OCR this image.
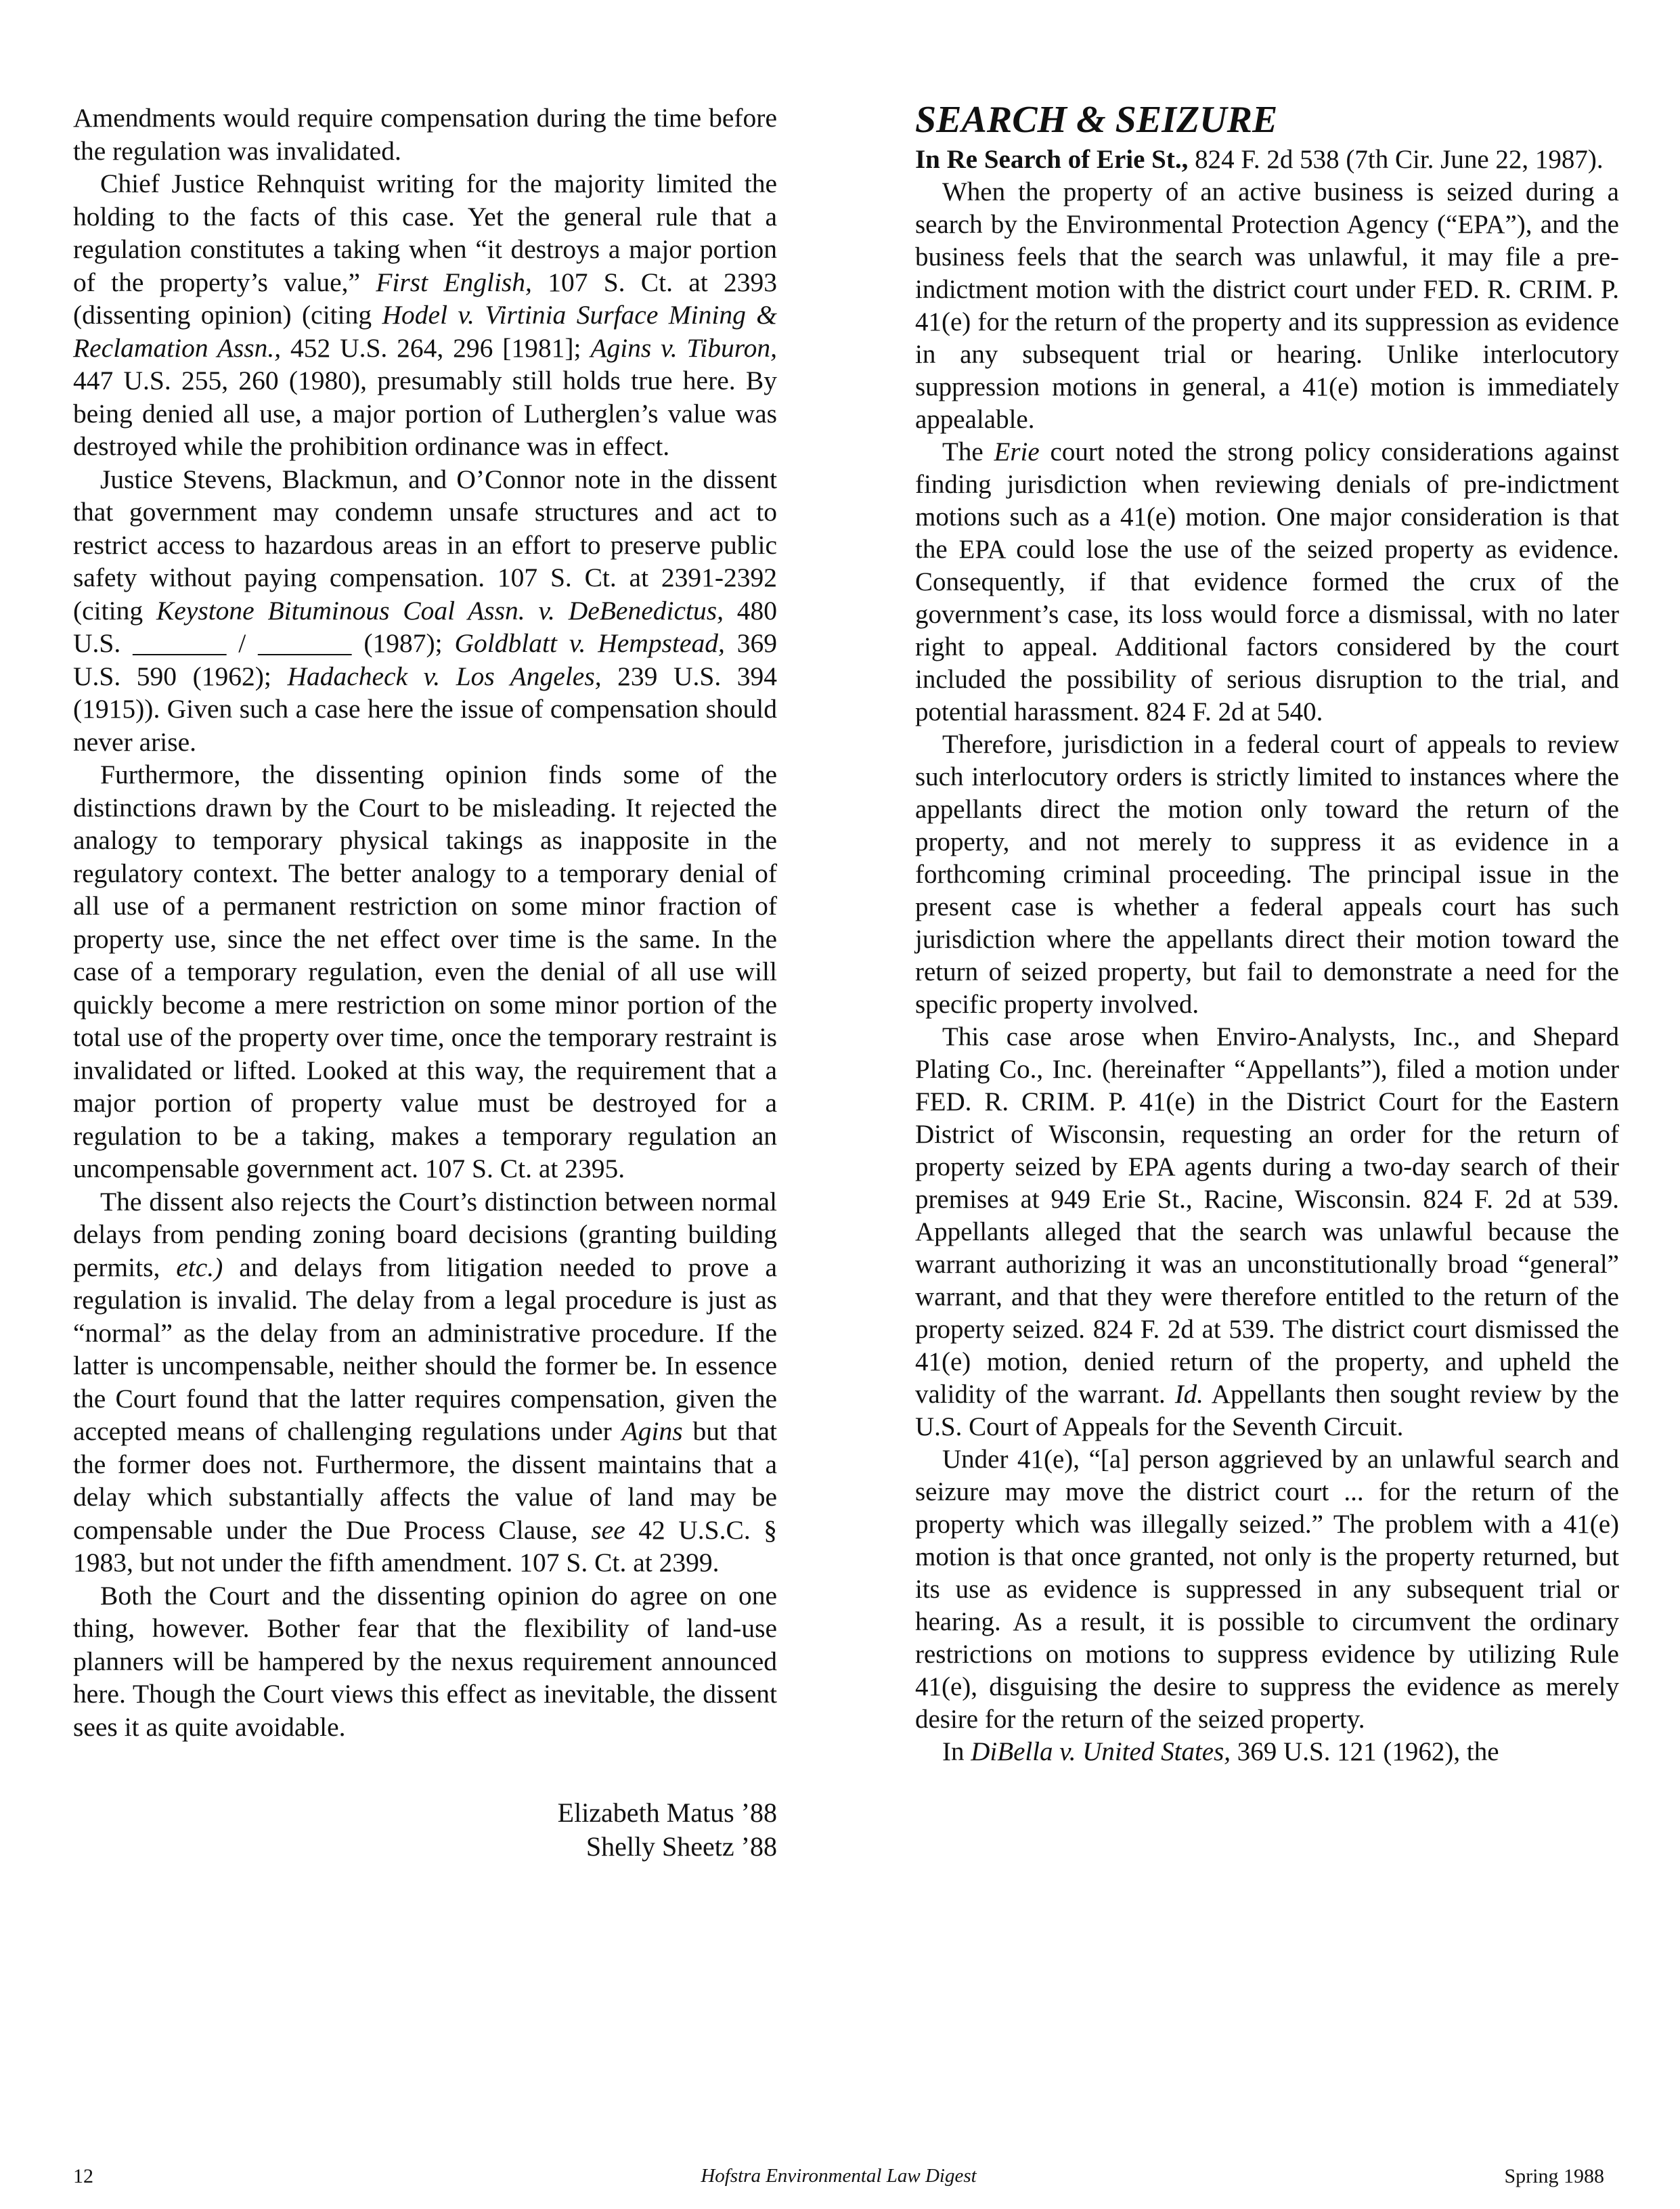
Amendments would require compensation during the time before the regulation was invalidated.

Chief Justice Rehnquist writing for the majority limited the holding to the facts of this case. Yet the general rule that a regulation constitutes a taking when “it destroys a major portion of the property’s value,” First English, 107 S. Ct. at 2393 (dissenting opinion) (citing Hodel v. Virtinia Surface Mining & Reclamation Assn., 452 U.S. 264, 296 [1981]; Agins v. Tiburon, 447 U.S. 255, 260 (1980), presumably still holds true here. By being denied all use, a major portion of Lutherglen’s value was destroyed while the prohibition ordinance was in effect.

Justice Stevens, Blackmun, and O’Connor note in the dissent that government may condemn unsafe structures and act to restrict access to hazardous areas in an effort to preserve public safety without paying compensation. 107 S. Ct. at 2391-2392 (citing Keystone Bituminous Coal Assn. v. DeBenedictus, 480 U.S. _______ / _______ (1987); Goldblatt v. Hempstead, 369 U.S. 590 (1962); Hadacheck v. Los Angeles, 239 U.S. 394 (1915)). Given such a case here the issue of compensation should never arise.

Furthermore, the dissenting opinion finds some of the distinctions drawn by the Court to be misleading. It rejected the analogy to temporary physical takings as inapposite in the regulatory context. The better analogy to a temporary denial of all use of a permanent restriction on some minor fraction of property use, since the net effect over time is the same. In the case of a temporary regulation, even the denial of all use will quickly become a mere restriction on some minor portion of the total use of the property over time, once the temporary restraint is invalidated or lifted. Looked at this way, the requirement that a major portion of property value must be destroyed for a regulation to be a taking, makes a temporary regulation an uncompensable government act. 107 S. Ct. at 2395.

The dissent also rejects the Court’s distinction between normal delays from pending zoning board decisions (granting building permits, etc.) and delays from litigation needed to prove a regulation is invalid. The delay from a legal procedure is just as “normal” as the delay from an administrative procedure. If the latter is uncompensable, neither should the former be. In essence the Court found that the latter requires compensation, given the accepted means of challenging regulations under Agins but that the former does not. Furthermore, the dissent maintains that a delay which substantially affects the value of land may be compensable under the Due Process Clause, see 42 U.S.C. § 1983, but not under the fifth amendment. 107 S. Ct. at 2399.

Both the Court and the dissenting opinion do agree on one thing, however. Bother fear that the flexibility of land-use planners will be hampered by the nexus requirement announced here. Though the Court views this effect as inevitable, the dissent sees it as quite avoidable.

Elizabeth Matus ’88
Shelly Sheetz ’88
SEARCH & SEIZURE

In Re Search of Erie St., 824 F. 2d 538 (7th Cir. June 22, 1987).

When the property of an active business is seized during a search by the Environmental Protection Agency (“EPA”), and the business feels that the search was unlawful, it may file a pre-indictment motion with the district court under FED. R. CRIM. P. 41(e) for the return of the property and its suppression as evidence in any subsequent trial or hearing. Unlike interlocutory suppression motions in general, a 41(e) motion is immediately appealable.

The Erie court noted the strong policy considerations against finding jurisdiction when reviewing denials of pre-indictment motions such as a 41(e) motion. One major consideration is that the EPA could lose the use of the seized property as evidence. Consequently, if that evidence formed the crux of the government’s case, its loss would force a dismissal, with no later right to appeal. Additional factors considered by the court included the possibility of serious disruption to the trial, and potential harassment. 824 F. 2d at 540.

Therefore, jurisdiction in a federal court of appeals to review such interlocutory orders is strictly limited to instances where the appellants direct the motion only toward the return of the property, and not merely to suppress it as evidence in a forthcoming criminal proceeding. The principal issue in the present case is whether a federal appeals court has such jurisdiction where the appellants direct their motion toward the return of seized property, but fail to demonstrate a need for the specific property involved.

This case arose when Enviro-Analysts, Inc., and Shepard Plating Co., Inc. (hereinafter “Appellants”), filed a motion under FED. R. CRIM. P. 41(e) in the District Court for the Eastern District of Wisconsin, requesting an order for the return of property seized by EPA agents during a two-day search of their premises at 949 Erie St., Racine, Wisconsin. 824 F. 2d at 539. Appellants alleged that the search was unlawful because the warrant authorizing it was an unconstitutionally broad “general” warrant, and that they were therefore entitled to the return of the property seized. 824 F. 2d at 539. The district court dismissed the 41(e) motion, denied return of the property, and upheld the validity of the warrant. Id. Appellants then sought review by the U.S. Court of Appeals for the Seventh Circuit.

Under 41(e), “[a] person aggrieved by an unlawful search and seizure may move the district court ... for the return of the property which was illegally seized.” The problem with a 41(e) motion is that once granted, not only is the property returned, but its use as evidence is suppressed in any subsequent trial or hearing. As a result, it is possible to circumvent the ordinary restrictions on motions to suppress evidence by utilizing Rule 41(e), disguising the desire to suppress the evidence as merely desire for the return of the seized property.

In DiBella v. United States, 369 U.S. 121 (1962), the

12	Hofstra Environmental Law Digest	Spring 1988
